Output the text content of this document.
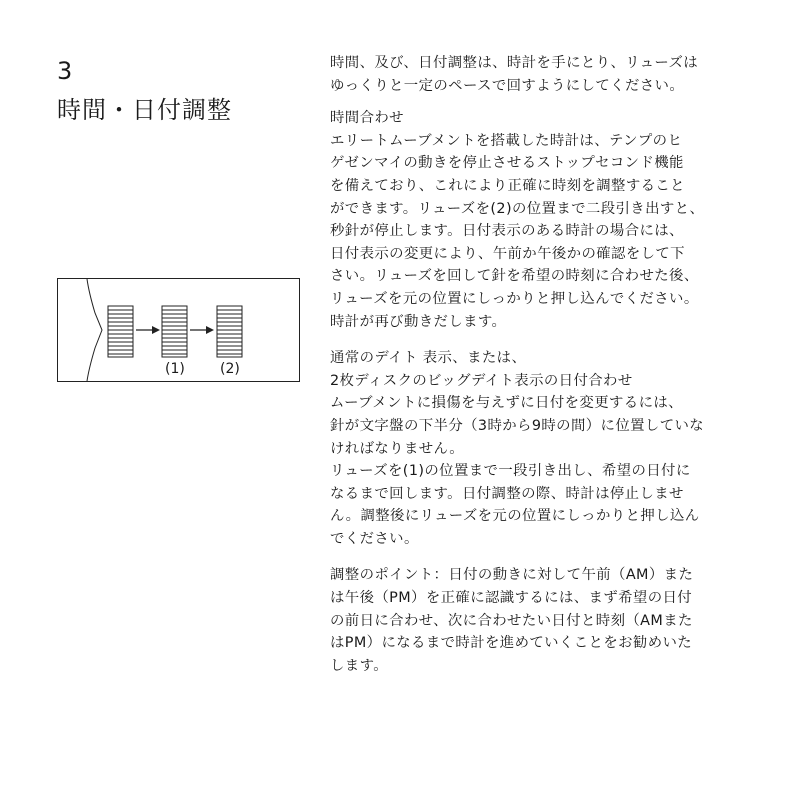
3
時間・日付調整
(1)	(2)

時間、及び、日付調整は、時計を手にとり、リューズは

ゆっくりと一定のペースで回すようにしてください。

時間合わせ

エリートムーブメントを搭載した時計は、テンプのヒ

ゲゼンマイの動きを停止させるストップセコンド機能

を備えており、これにより正確に時刻を調整すること

ができます。リューズを(2)の位置まで二段引き出すと、

秒針が停止します。日付表示のある時計の場合には、

日付表示の変更により、午前か午後かの確認をして下

さい。リューズを回して針を希望の時刻に合わせた後、

リューズを元の位置にしっかりと押し込んでください。

時計が再び動きだします。

通常のデイト 表示、または、

2枚ディスクのビッグデイト表示の日付合わせ

ムーブメントに損傷を与えずに日付を変更するには、

針が文字盤の下半分（3時から9時の間）に位置していな

ければなりません。

リューズを(1)の位置まで一段引き出し、希望の日付に

なるまで回します。日付調整の際、時計は停止しませ

ん。調整後にリューズを元の位置にしっかりと押し込ん

でください。

調整のポイント：日付の動きに対して午前（AM）また

は午後（PM）を正確に認識するには、まず希望の日付

の前日に合わせ、次に合わせたい日付と時刻（AMまた

はPM）になるまで時計を進めていくことをお勧めいた

します。
